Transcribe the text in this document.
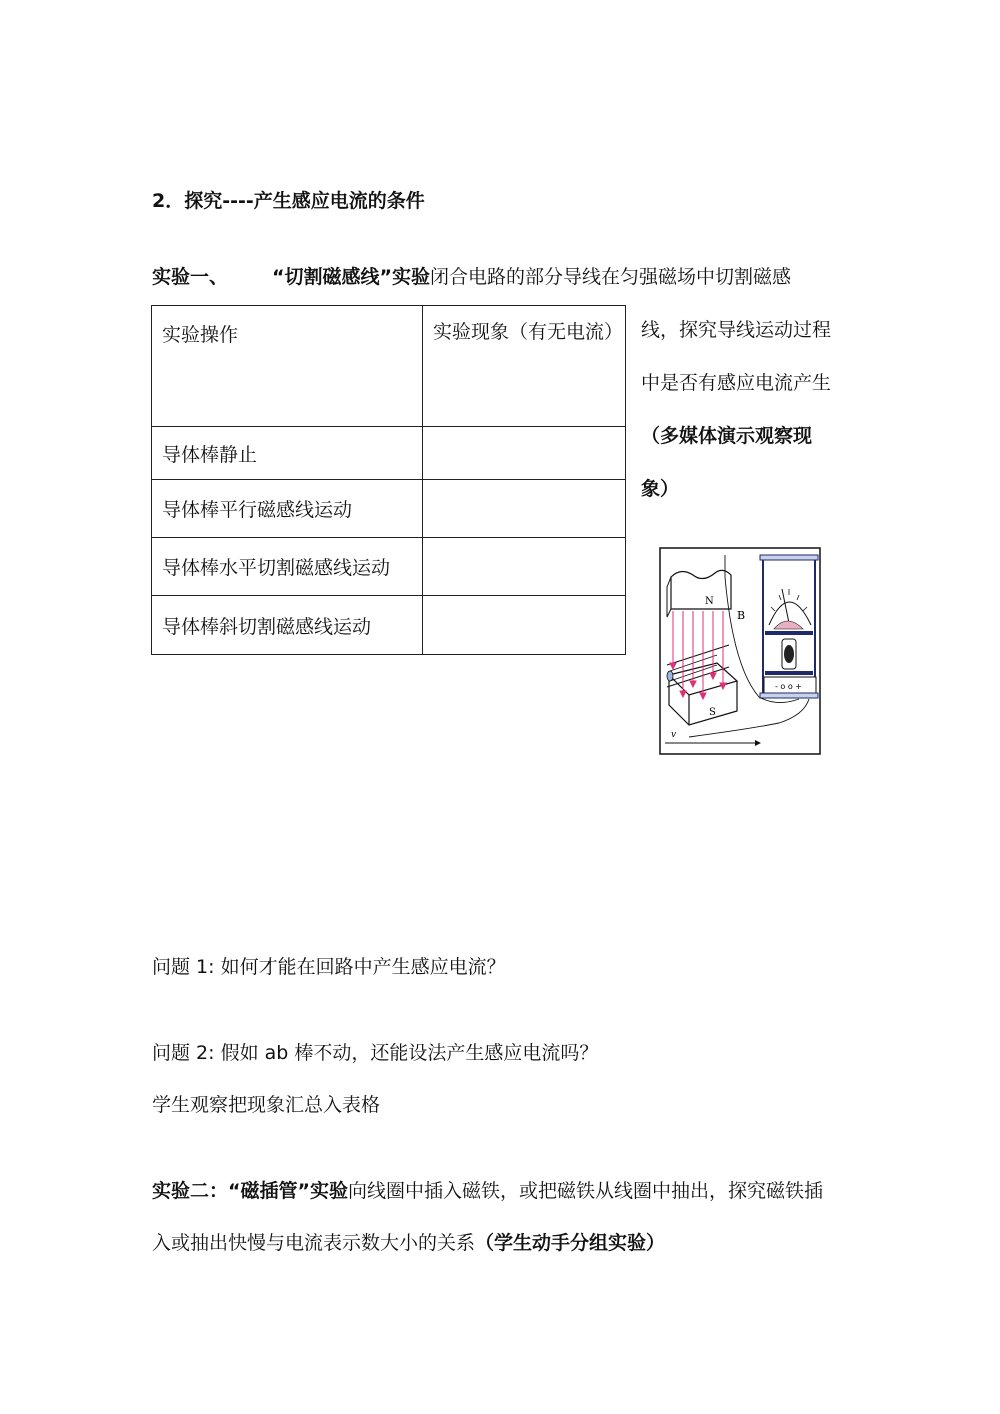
2．探究----产生感应电流的条件
实验一、 “切割磁感线”实验闭合电路的部分导线在匀强磁场中切割磁感
实验操作	实验现象（有无电流）
导体棒静止	
导体棒平行磁感线运动	
导体棒水平切割磁感线运动	
导体棒斜切割磁感线运动	
线，探究导线运动过程
中是否有感应电流产生
（多媒体演示观察现
象）
N
S
B
v
- o o +
问题 1: 如何才能在回路中产生感应电流？
问题 2: 假如 ab 棒不动，还能设法产生感应电流吗？
学生观察把现象汇总入表格
实验二：“磁插管”实验向线圈中插入磁铁，或把磁铁从线圈中抽出，探究磁铁插
入或抽出快慢与电流表示数大小的关系（学生动手分组实验）
